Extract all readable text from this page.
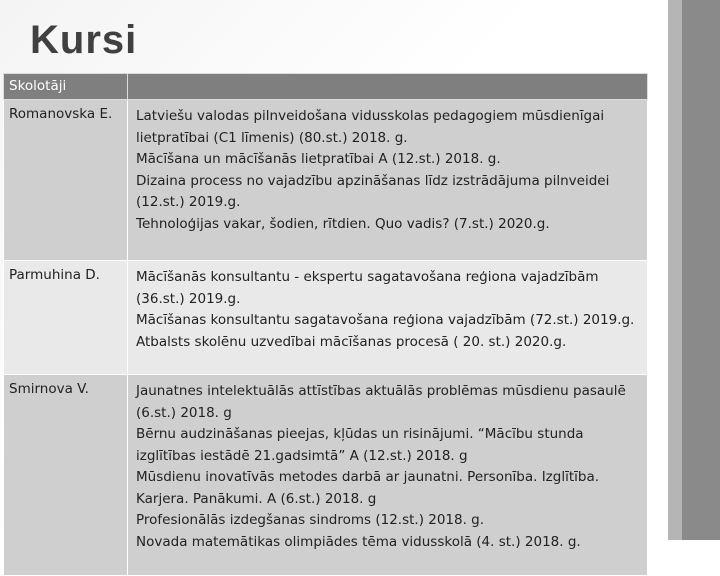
Kursi
Skolotāji	

Romanovska E.	Latviešu valodas pilnveidošana vidusskolas pedagogiem mūsdienīgai lietpratībai (C1 līmenis) (80.st.) 2018. g.
Mācīšana un mācīšanās lietpratībai A (12.st.) 2018. g.
Dizaina process no vajadzību apzināšanas līdz izstrādājuma pilnveidei (12.st.) 2019.g.
Tehnoloģijas vakar, šodien, rītdien. Quo vadis? (7.st.) 2020.g.

Parmuhina D.	Mācīšanās konsultantu - ekspertu sagatavošana reģiona vajadzībām (36.st.) 2019.g.
Mācīšanas konsultantu sagatavošana reģiona vajadzībām (72.st.) 2019.g.
Atbalsts skolēnu uzvedībai mācīšanas procesā ( 20. st.) 2020.g.

Smirnova V.	Jaunatnes intelektuālās attīstības aktuālās problēmas mūsdienu pasaulē (6.st.) 2018. g
Bērnu audzināšanas pieejas, kļūdas un risinājumi. “Mācību stunda izglītības iestādē 21.gadsimtā” A (12.st.) 2018. g
Mūsdienu inovatīvās metodes darbā ar jaunatni. Personība. Izglītība. Karjera. Panākumi. A (6.st.) 2018. g
Profesionālās izdegšanas sindroms (12.st.) 2018. g.
Novada matemātikas olimpiādes tēma vidusskolā (4. st.) 2018. g.
